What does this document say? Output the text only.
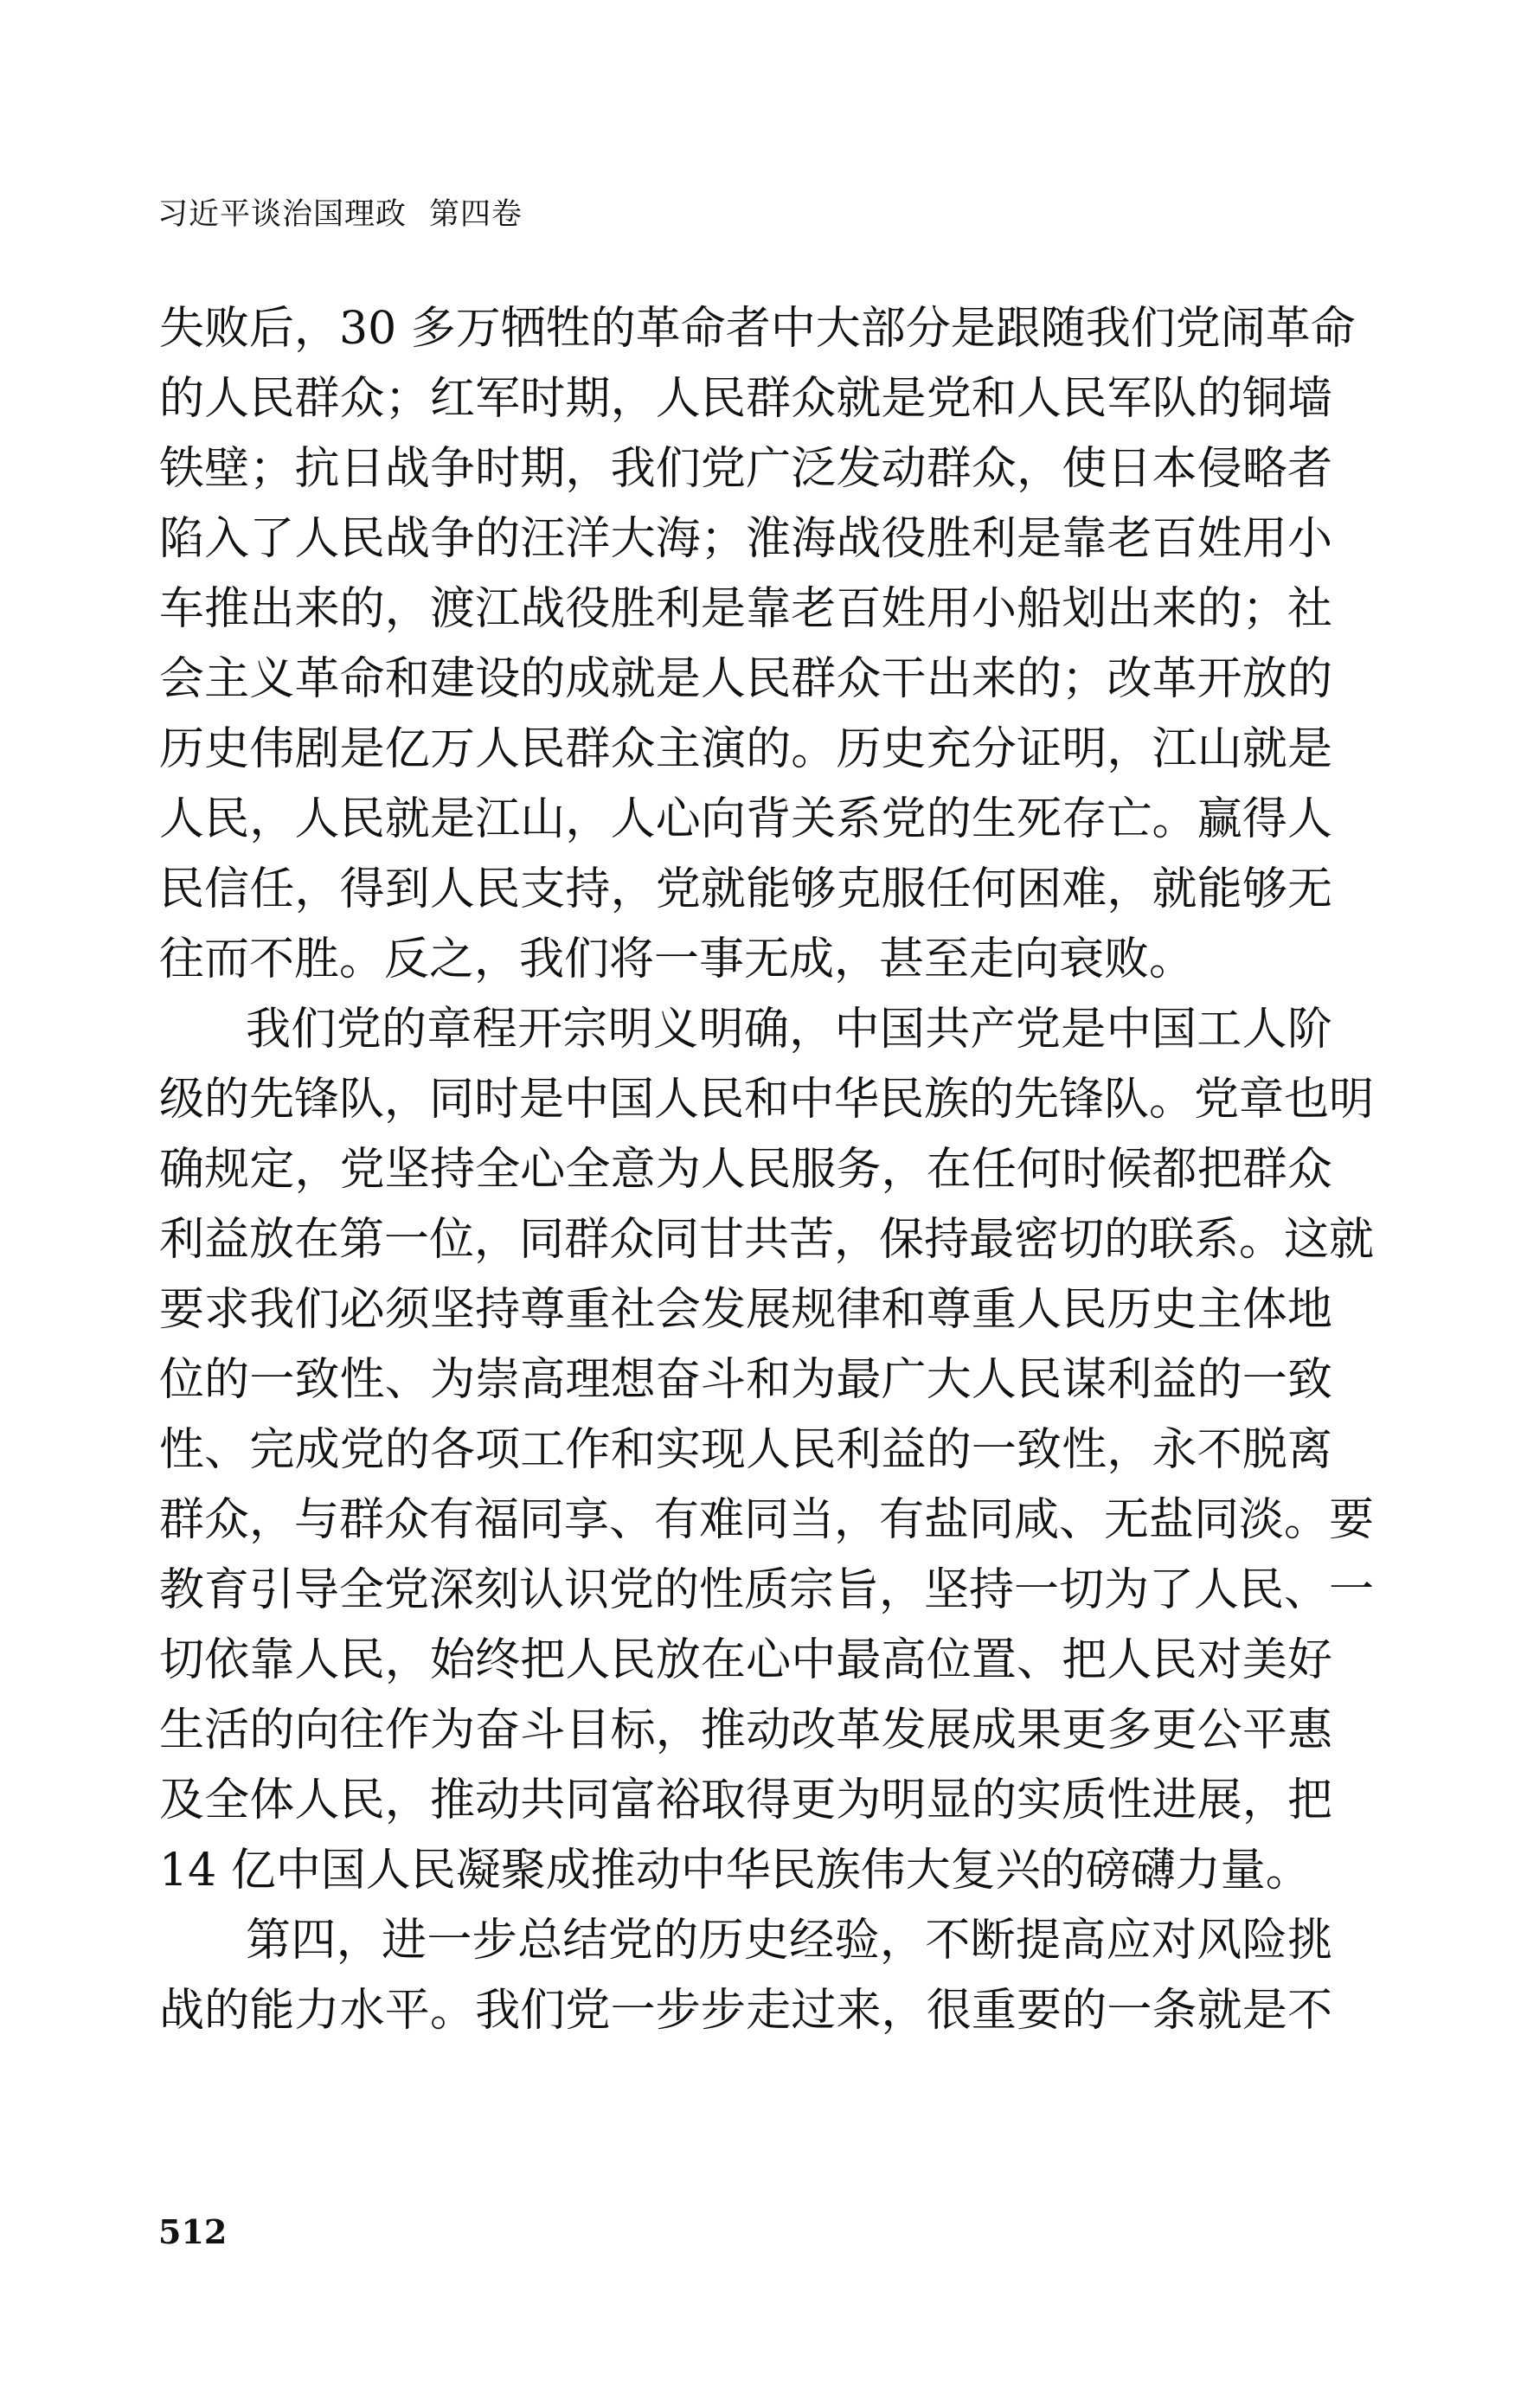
习近平谈治国理政 第四卷
失败后，30 多万牺牲的革命者中大部分是跟随我们党闹革命
的人民群众；红军时期，人民群众就是党和人民军队的铜墙
铁壁；抗日战争时期，我们党广泛发动群众，使日本侵略者
陷入了人民战争的汪洋大海；淮海战役胜利是靠老百姓用小
车推出来的，渡江战役胜利是靠老百姓用小船划出来的；社
会主义革命和建设的成就是人民群众干出来的；改革开放的
历史伟剧是亿万人民群众主演的。历史充分证明，江山就是
人民，人民就是江山，人心向背关系党的生死存亡。赢得人
民信任，得到人民支持，党就能够克服任何困难，就能够无
往而不胜。反之，我们将一事无成，甚至走向衰败。
我们党的章程开宗明义明确，中国共产党是中国工人阶
级的先锋队，同时是中国人民和中华民族的先锋队。党章也明
确规定，党坚持全心全意为人民服务，在任何时候都把群众
利益放在第一位，同群众同甘共苦，保持最密切的联系。这就
要求我们必须坚持尊重社会发展规律和尊重人民历史主体地
位的一致性、为崇高理想奋斗和为最广大人民谋利益的一致
性、完成党的各项工作和实现人民利益的一致性，永不脱离
群众，与群众有福同享、有难同当，有盐同咸、无盐同淡。要
教育引导全党深刻认识党的性质宗旨，坚持一切为了人民、一
切依靠人民，始终把人民放在心中最高位置、把人民对美好
生活的向往作为奋斗目标，推动改革发展成果更多更公平惠
及全体人民，推动共同富裕取得更为明显的实质性进展，把
14 亿中国人民凝聚成推动中华民族伟大复兴的磅礴力量。
第四，进一步总结党的历史经验，不断提高应对风险挑
战的能力水平。我们党一步步走过来，很重要的一条就是不
512
